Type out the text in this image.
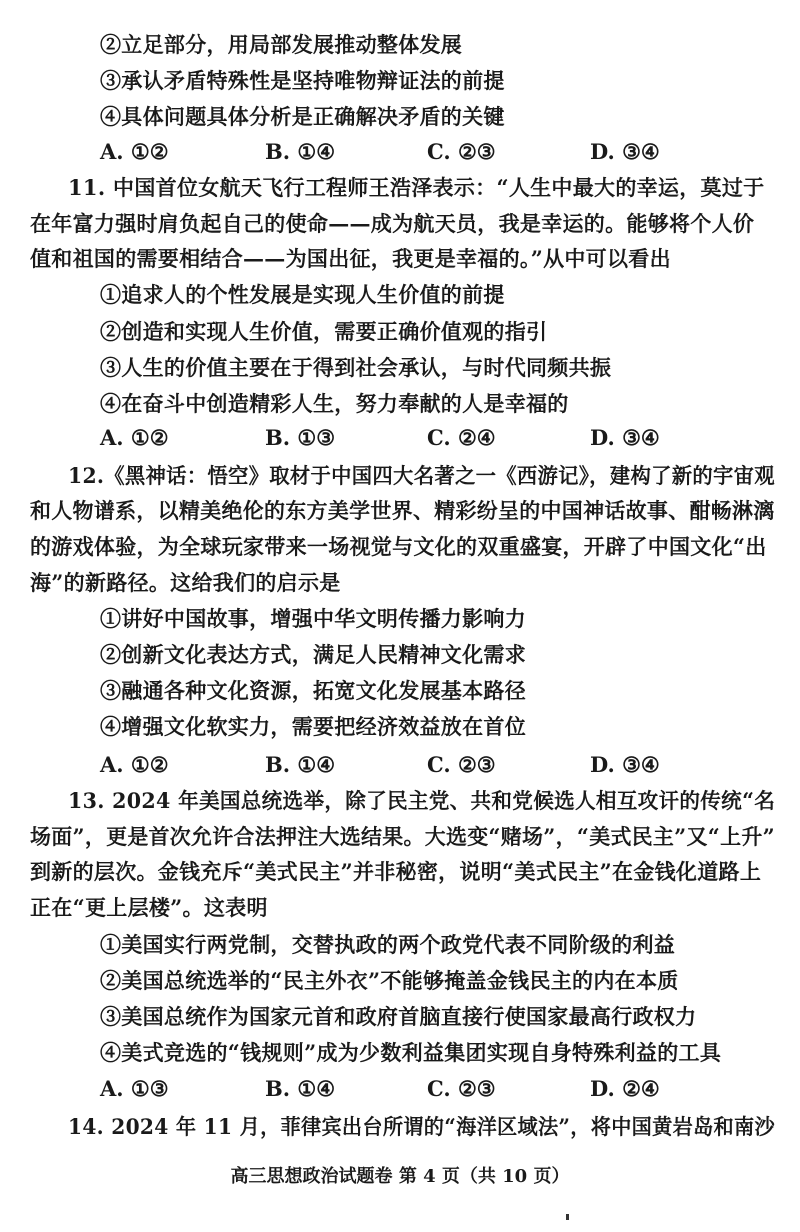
②立足部分，用局部发展推动整体发展
③承认矛盾特殊性是坚持唯物辩证法的前提
④具体问题具体分析是正确解决矛盾的关键
A. ①②	B. ①④	C. ②③	D. ③④
11. 中国首位女航天飞行工程师王浩泽表示：“人生中最大的幸运，莫过于
在年富力强时肩负起自己的使命——成为航天员，我是幸运的。能够将个人价
值和祖国的需要相结合——为国出征，我更是幸福的。”从中可以看出
①追求人的个性发展是实现人生价值的前提
②创造和实现人生价值，需要正确价值观的指引
③人生的价值主要在于得到社会承认，与时代同频共振
④在奋斗中创造精彩人生，努力奉献的人是幸福的
A. ①②	B. ①③	C. ②④	D. ③④
12.《黑神话：悟空》取材于中国四大名著之一《西游记》，建构了新的宇宙观
和人物谱系，以精美绝伦的东方美学世界、精彩纷呈的中国神话故事、酣畅淋漓
的游戏体验，为全球玩家带来一场视觉与文化的双重盛宴，开辟了中国文化“出
海”的新路径。这给我们的启示是
①讲好中国故事，增强中华文明传播力影响力
②创新文化表达方式，满足人民精神文化需求
③融通各种文化资源，拓宽文化发展基本路径
④增强文化软实力，需要把经济效益放在首位
A. ①②	B. ①④	C. ②③	D. ③④
13. 2024 年美国总统选举，除了民主党、共和党候选人相互攻讦的传统“名
场面”，更是首次允许合法押注大选结果。大选变“赌场”，“美式民主”又“上升”
到新的层次。金钱充斥“美式民主”并非秘密，说明“美式民主”在金钱化道路上
正在“更上层楼”。这表明
①美国实行两党制，交替执政的两个政党代表不同阶级的利益
②美国总统选举的“民主外衣”不能够掩盖金钱民主的内在本质
③美国总统作为国家元首和政府首脑直接行使国家最高行政权力
④美式竞选的“钱规则”成为少数利益集团实现自身特殊利益的工具
A. ①③	B. ①④	C. ②③	D. ②④
14. 2024 年 11 月，菲律宾出台所谓的“海洋区域法”，将中国黄岩岛和南沙
高三思想政治试题卷 第 4 页（共 10 页）
